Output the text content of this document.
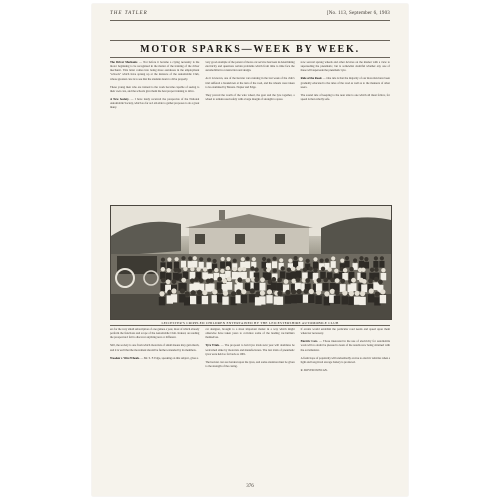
THE TATLER	[No. 113, September 6, 1903
MOTOR SPARKS—WEEK BY WEEK.

The Driver Mechanic. — Not before it became a crying necessity is the motor beginning to be recognised in the matter of the training of the driver mechanic. This latter comes into being more assiduous in the employment "schools" which have sprung up at the instance of the Automobile Club, whose greatest care is to see that the students learn to drive properly.

These young men who are trained to the work become capable of seeing to their own cars, and the schools give them the best proper training to drive.

A New Society. — I have lately received the prospectus of the National Automobile Society, which so far as I am able to gather proposes to do a great many.

very good example of the parent of motor-car service has been in determining electricity and questions certain problems which from time to time face the automobilist in construction and design.

As it is known, one of the heavier cars running in the last week of the club's trial suffered a breakdown at the turn of the road, and the wheels were taken to be examined by Messrs. Napier and Edge.

They proved the worth of the wire wheel, the gear and the tyre together, a wheel to remain used safely with a large margin of strength to spare.

now several sprung wheels and other devices on the market with a view to superseding the pneumatic, but is somewhat doubtful whether any one of these will supersede the pneumatic tyre.

Rule of the Road. — One rule is that the majority of our motorists have been gradually educated to the rules of the road as well as to the manners of other users.

The sound rule of keeping to the near side is one which all must follow, for speed is then wholly safe.

LEICESTER'S CRIPPLED CHILDREN ENTERTAINED BY THE LEICESTERSHIRE AUTOMOBILE CLUB

ers for the very small subscription of one guinea a year, most of which already perform the functions and scope of the Automobile Club. Indeed, on reading the prospectus I fail to discover anything new or different.

Still, the society is one from which motorists of small means may gain much, and it is well that the movement should be further extended by its members.

Wooden v. Wire Wheels. — Mr. S. F. Edge, speaking on this subject, gives a

car designer, brought to a most important matter in a way which might otherwise have taken years to convince some of the leading car-builders themselves.

Tyre Trials. — The proposal to hold tyre trials next year will doubtless be welcomed alike by motorists and manufacturers. The last trials of pneumatic tyres were held so far back as 1901.

The heavier cars are hardest upon the tyres, and some attention must be given to the strength of the casing.

if events would establish the particular road needs and speed upon them wherever necessary.

Electric Cars. — Those interested in the use of electricity for automobile work will no doubt be pleased to learn of the results now being obtained with the accumulator.

A fresh hope of popularity will undoubtedly accrue to electric vehicles when a light and long-lived storage battery is produced.

R. DOVER DUNCAN.

376
